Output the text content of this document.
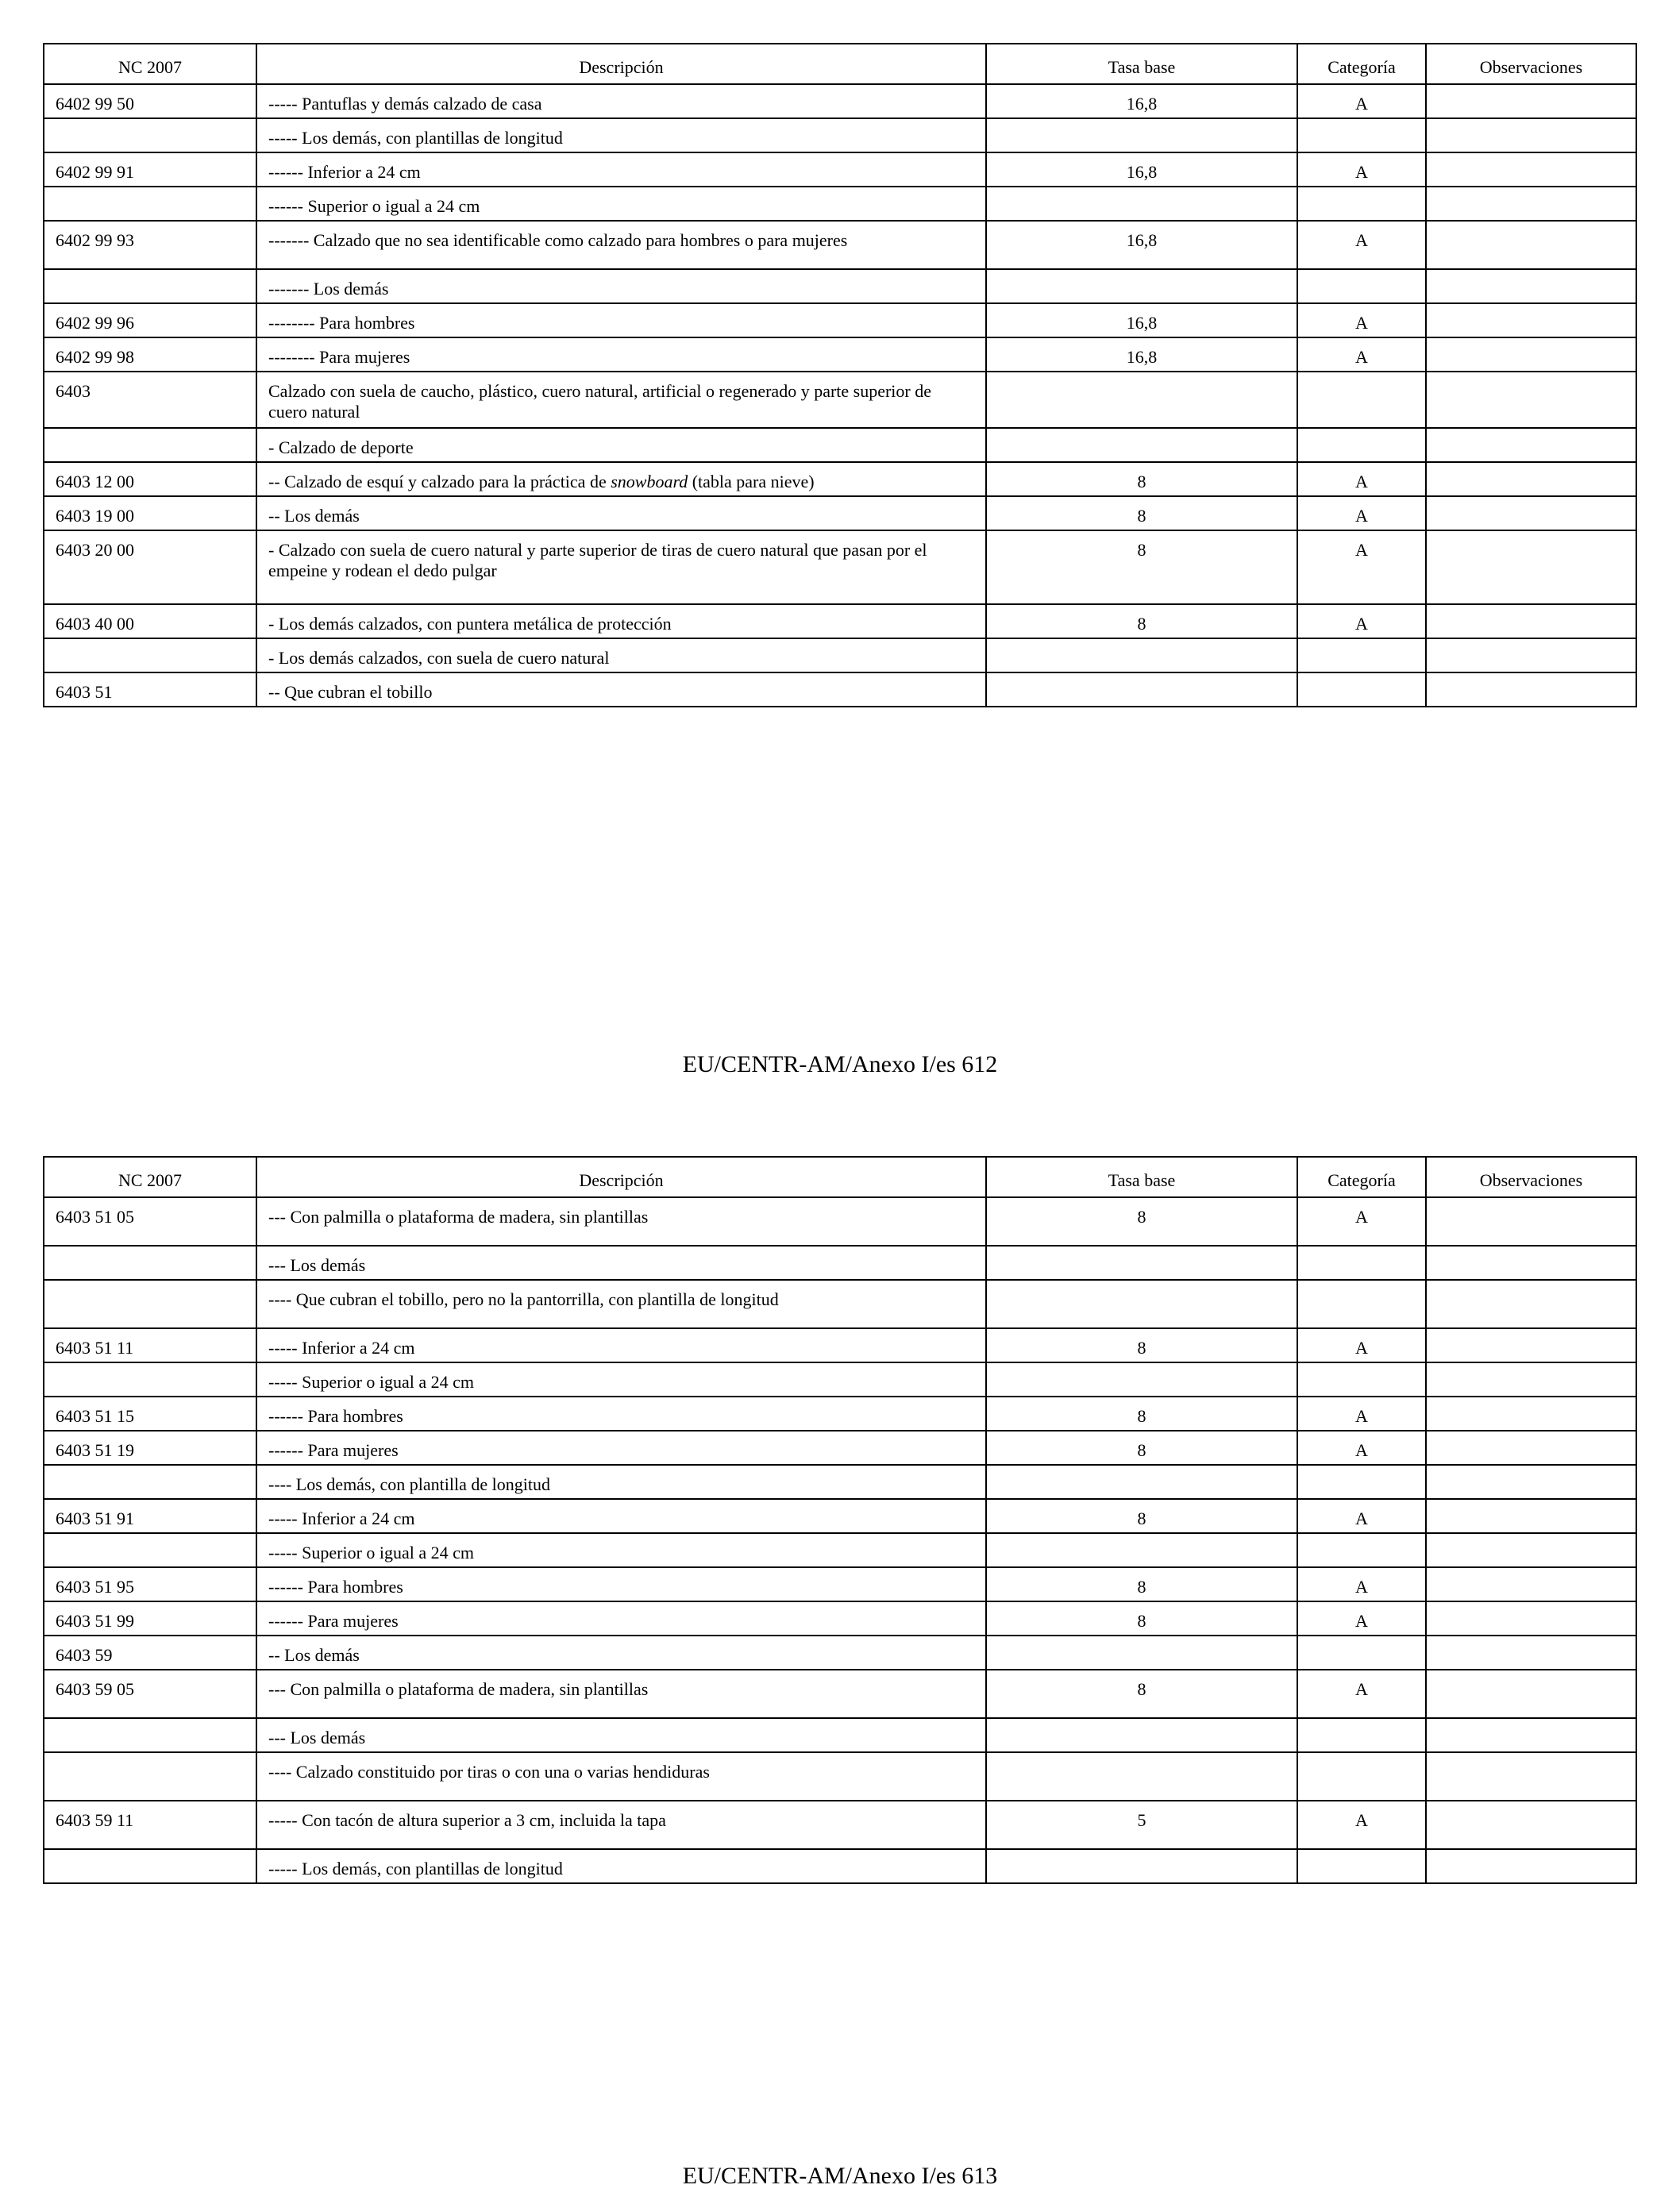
NC 2007	Descripción	Tasa base	Categoría	Observaciones
6402 99 50	----- Pantuflas y demás calzado de casa	16,8	A	
	----- Los demás, con plantillas de longitud			
6402 99 91	------ Inferior a 24 cm	16,8	A	
	------ Superior o igual a 24 cm			
6402 99 93	------- Calzado que no sea identificable como calzado para hombres o para mujeres	16,8	A	
	------- Los demás			
6402 99 96	-------- Para hombres	16,8	A	
6402 99 98	-------- Para mujeres	16,8	A	
6403	Calzado con suela de caucho, plástico, cuero natural, artificial o regenerado y parte superior de cuero natural			
	- Calzado de deporte			
6403 12 00	-- Calzado de esquí y calzado para la práctica de snowboard (tabla para nieve)	8	A	
6403 19 00	-- Los demás	8	A	
6403 20 00	- Calzado con suela de cuero natural y parte superior de tiras de cuero natural que pasan por el empeine y rodean el dedo pulgar	8	A	
6403 40 00	- Los demás calzados, con puntera metálica de protección	8	A	
	- Los demás calzados, con suela de cuero natural			
6403 51	-- Que cubran el tobillo			
EU/CENTR-AM/Anexo I/es 612
NC 2007	Descripción	Tasa base	Categoría	Observaciones
6403 51 05	--- Con palmilla o plataforma de madera, sin plantillas	8	A	
	--- Los demás			
	---- Que cubran el tobillo, pero no la pantorrilla, con plantilla de longitud			
6403 51 11	----- Inferior a 24 cm	8	A	
	----- Superior o igual a 24 cm			
6403 51 15	------ Para hombres	8	A	
6403 51 19	------ Para mujeres	8	A	
	---- Los demás, con plantilla de longitud			
6403 51 91	----- Inferior a 24 cm	8	A	
	----- Superior o igual a 24 cm			
6403 51 95	------ Para hombres	8	A	
6403 51 99	------ Para mujeres	8	A	
6403 59	-- Los demás			
6403 59 05	--- Con palmilla o plataforma de madera, sin plantillas	8	A	
	--- Los demás			
	---- Calzado constituido por tiras o con una o varias hendiduras			
6403 59 11	----- Con tacón de altura superior a 3 cm, incluida la tapa	5	A	
	----- Los demás, con plantillas de longitud			
EU/CENTR-AM/Anexo I/es 613
